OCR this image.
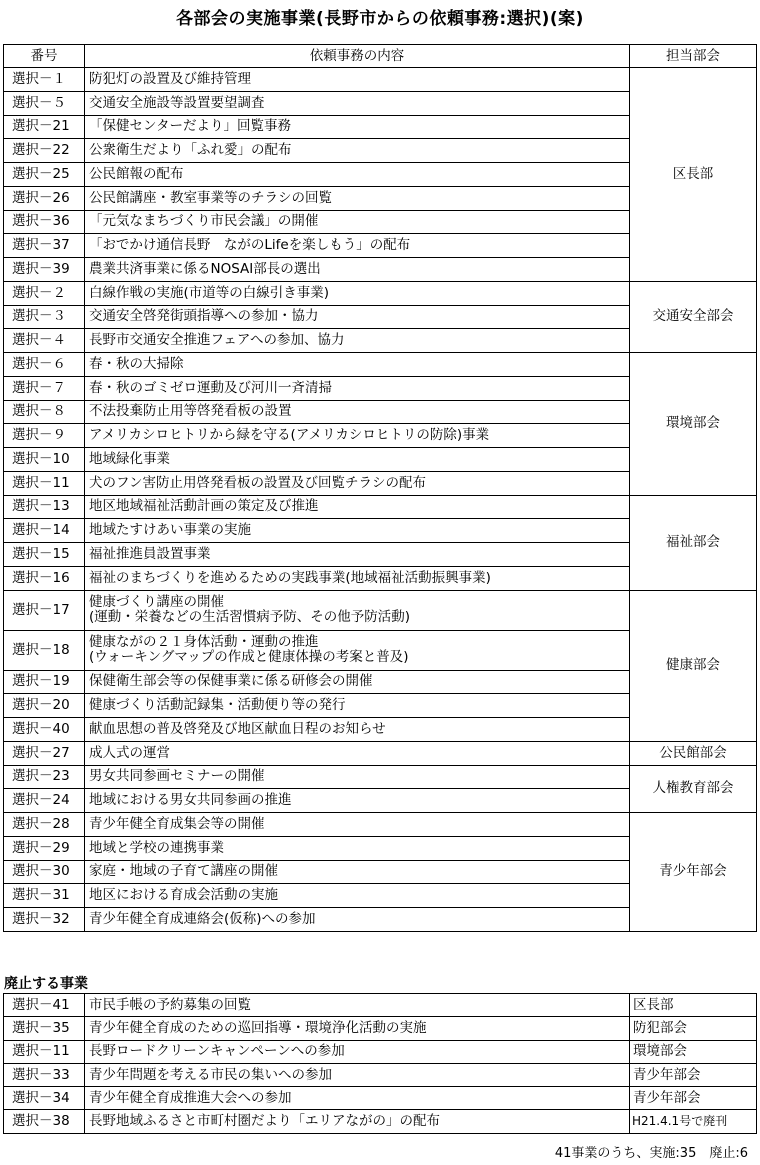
各部会の実施事業(長野市からの依頼事務:選択)(案)
番号	依頼事務の内容	担当部会
選択－１	防犯灯の設置及び維持管理	区長部
選択－５	交通安全施設等設置要望調査	

選択－21	「保健センターだより」回覧事務	

選択－22	公衆衛生だより「ふれ愛」の配布	

選択－25	公民館報の配布	

選択－26	公民館講座・教室事業等のチラシの回覧	

選択－36	「元気なまちづくり市民会議」の開催	

選択－37	「おでかけ通信長野　ながのLifeを楽しもう」の配布	

選択－39	農業共済事業に係るNOSAI部長の選出	

選択－２	白線作戦の実施(市道等の白線引き事業)	交通安全部会
選択－３	交通安全啓発街頭指導への参加・協力	

選択－４	長野市交通安全推進フェアへの参加、協力	

選択－６	春・秋の大掃除	環境部会
選択－７	春・秋のゴミゼロ運動及び河川一斉清掃	

選択－８	不法投棄防止用等啓発看板の設置	

選択－９	アメリカシロヒトリから緑を守る(アメリカシロヒトリの防除)事業	

選択－10	地域緑化事業	

選択－11	犬のフン害防止用啓発看板の設置及び回覧チラシの配布	

選択－13	地区地域福祉活動計画の策定及び推進	福祉部会
選択－14	地域たすけあい事業の実施	

選択－15	福祉推進員設置事業	

選択－16	福祉のまちづくりを進めるための実践事業(地域福祉活動振興事業)	

選択－17	健康づくり講座の開催
(運動・栄養などの生活習慣病予防、その他予防活動)	健康部会
選択－18	健康ながの２１身体活動・運動の推進
(ウォーキングマップの作成と健康体操の考案と普及)	

選択－19	保健衛生部会等の保健事業に係る研修会の開催	

選択－20	健康づくり活動記録集・活動便り等の発行	

選択－40	献血思想の普及啓発及び地区献血日程のお知らせ	

選択－27	成人式の運営	公民館部会
選択－23	男女共同参画セミナーの開催	人権教育部会
選択－24	地域における男女共同参画の推進	

選択－28	青少年健全育成集会等の開催	青少年部会
選択－29	地域と学校の連携事業	

選択－30	家庭・地域の子育て講座の開催	

選択－31	地区における育成会活動の実施	

選択－32	青少年健全育成連絡会(仮称)への参加	
廃止する事業
選択－41	市民手帳の予約募集の回覧	区長部
選択－35	青少年健全育成のための巡回指導・環境浄化活動の実施	防犯部会
選択－11	長野ロードクリーンキャンペーンへの参加	環境部会
選択－33	青少年問題を考える市民の集いへの参加	青少年部会
選択－34	青少年健全育成推進大会への参加	青少年部会
選択－38	長野地域ふるさと市町村圏だより「エリアながの」の配布	H21.4.1号で廃刊
41事業のうち、実施:35　廃止:6
